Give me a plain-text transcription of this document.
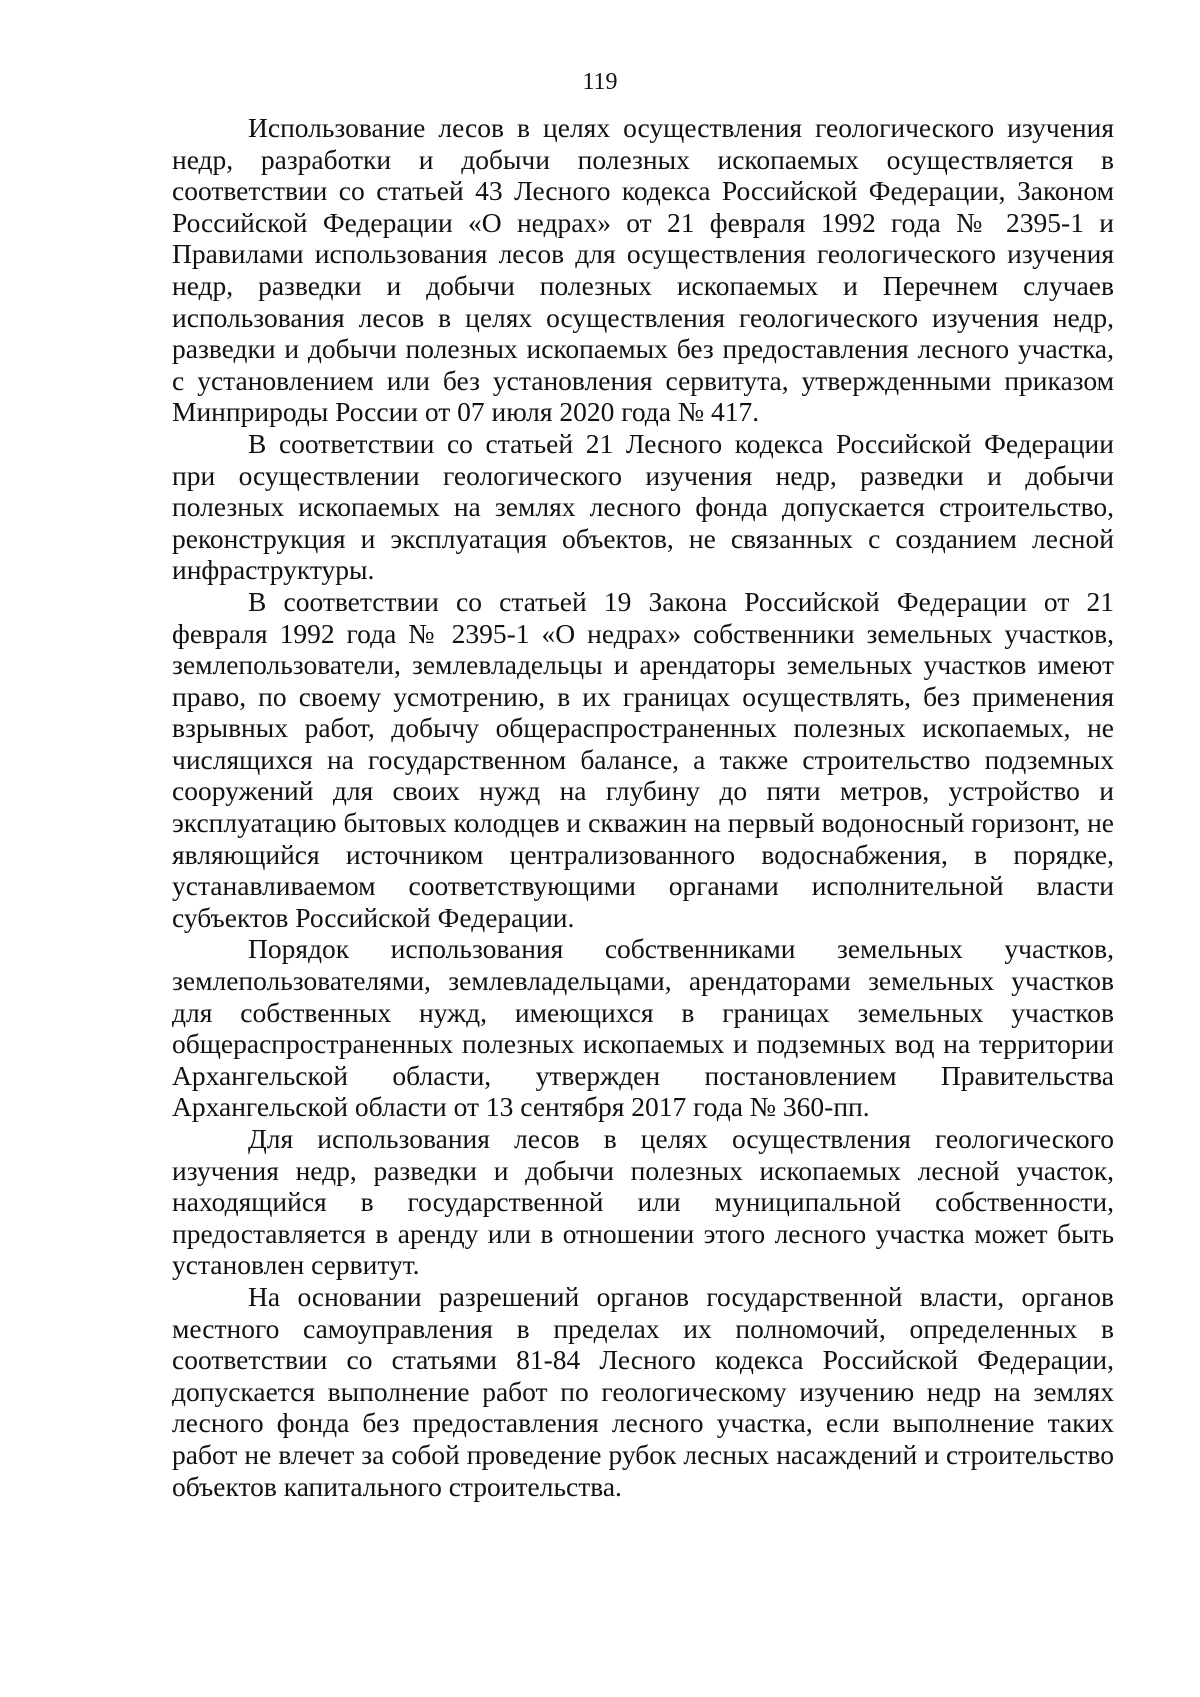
119

Использование лесов в целях осуществления геологического изучения недр, разработки и добычи полезных ископаемых осуществляется в соответствии со статьей 43 Лесного кодекса Российской Федерации, Законом Российской Федерации «О недрах» от 21 февраля 1992 года № 2395-1 и Правилами использования лесов для осуществления геологического изучения недр, разведки и добычи полезных ископаемых и Перечнем случаев использования лесов в целях осуществления геологического изучения недр, разведки и добычи полезных ископаемых без предоставления лесного участка, с установлением или без установления сервитута, утвержденными приказом Минприроды России от 07 июля 2020 года № 417.

В соответствии со статьей 21 Лесного кодекса Российской Федерации при осуществлении геологического изучения недр, разведки и добычи полезных ископаемых на землях лесного фонда допускается строительство, реконструкция и эксплуатация объектов, не связанных с созданием лесной инфраструктуры.

В соответствии со статьей 19 Закона Российской Федерации от 21 февраля 1992 года № 2395-1 «О недрах» собственники земельных участков, землепользователи, землевладельцы и арендаторы земельных участков имеют право, по своему усмотрению, в их границах осуществлять, без применения взрывных работ, добычу общераспространенных полезных ископаемых, не числящихся на государственном балансе, а также строительство подземных сооружений для своих нужд на глубину до пяти метров, устройство и эксплуатацию бытовых колодцев и скважин на первый водоносный горизонт, не являющийся источником централизованного водоснабжения, в порядке, устанавливаемом соответствующими органами исполнительной власти субъектов Российской Федерации.

Порядок использования собственниками земельных участков, землепользователями, землевладельцами, арендаторами земельных участков для собственных нужд, имеющихся в границах земельных участков общераспространенных полезных ископаемых и подземных вод на территории Архангельской области, утвержден постановлением Правительства Архангельской области от 13 сентября 2017 года № 360-пп.

Для использования лесов в целях осуществления геологического изучения недр, разведки и добычи полезных ископаемых лесной участок, находящийся в государственной или муниципальной собственности, предоставляется в аренду или в отношении этого лесного участка может быть установлен сервитут.

На основании разрешений органов государственной власти, органов местного самоуправления в пределах их полномочий, определенных в соответствии со статьями 81-84 Лесного кодекса Российской Федерации, допускается выполнение работ по геологическому изучению недр на землях лесного фонда без предоставления лесного участка, если выполнение таких работ не влечет за собой проведение рубок лесных насаждений и строительство объектов капитального строительства.
